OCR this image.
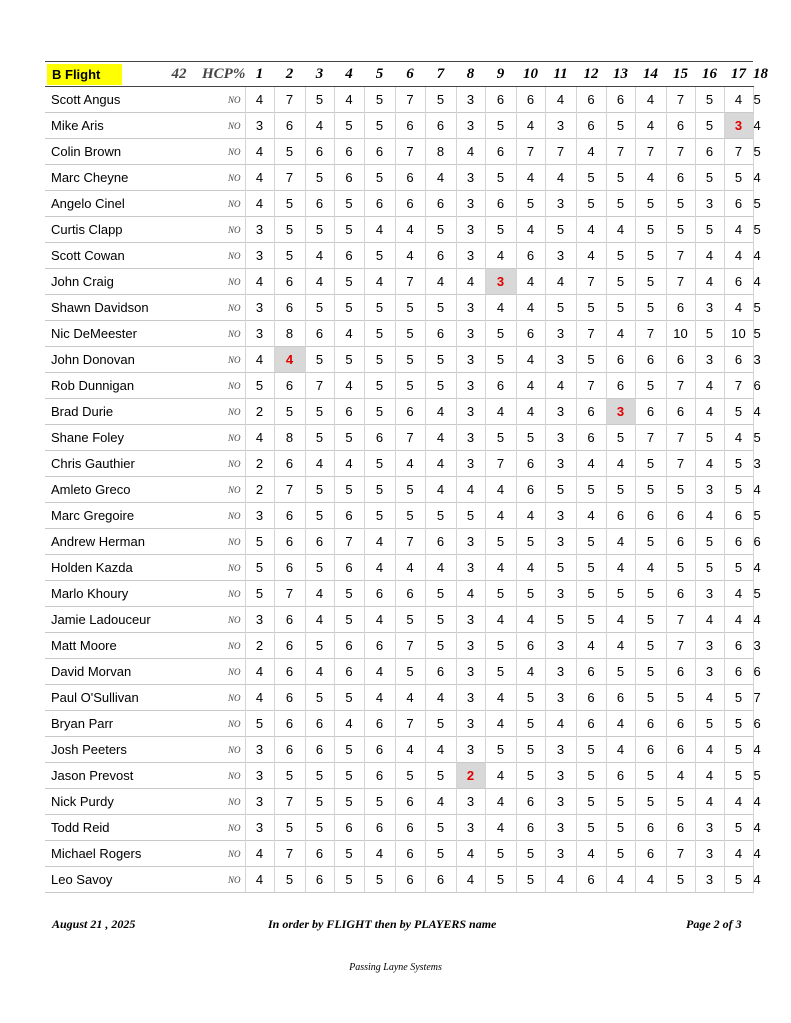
B Flight	42	HCP%	1	2	3	4	5	6	7	8	9	10	11	12	13	14	15	16	17	18
Scott Angus	NO		4	7	5	4	5	7	5	3	6	6	4	6	6	4	7	5	4	5
Mike Aris	NO		3	6	4	5	5	6	6	3	5	4	3	6	5	4	6	5	3	4
Colin Brown	NO		4	5	6	6	6	7	8	4	6	7	7	4	7	7	7	6	7	5
Marc Cheyne	NO		4	7	5	6	5	6	4	3	5	4	4	5	5	4	6	5	5	4
Angelo Cinel	NO		4	5	6	5	6	6	6	3	6	5	3	5	5	5	5	3	6	5
Curtis Clapp	NO		3	5	5	5	4	4	5	3	5	4	5	4	4	5	5	5	4	5
Scott Cowan	NO		3	5	4	6	5	4	6	3	4	6	3	4	5	5	7	4	4	4
John Craig	NO		4	6	4	5	4	7	4	4	3	4	4	7	5	5	7	4	6	4
Shawn Davidson	NO		3	6	5	5	5	5	5	3	4	4	5	5	5	5	6	3	4	5
Nic DeMeester	NO		3	8	6	4	5	5	6	3	5	6	3	7	4	7	10	5	10	5
John Donovan	NO		4	4	5	5	5	5	5	3	5	4	3	5	6	6	6	3	6	3
Rob Dunnigan	NO		5	6	7	4	5	5	5	3	6	4	4	7	6	5	7	4	7	6
Brad Durie	NO		2	5	5	6	5	6	4	3	4	4	3	6	3	6	6	4	5	4
Shane Foley	NO		4	8	5	5	6	7	4	3	5	5	3	6	5	7	7	5	4	5
Chris Gauthier	NO		2	6	4	4	5	4	4	3	7	6	3	4	4	5	7	4	5	3
Amleto Greco	NO		2	7	5	5	5	5	4	4	4	6	5	5	5	5	5	3	5	4
Marc Gregoire	NO		3	6	5	6	5	5	5	5	4	4	3	4	6	6	6	4	6	5
Andrew Herman	NO		5	6	6	7	4	7	6	3	5	5	3	5	4	5	6	5	6	6
Holden Kazda	NO		5	6	5	6	4	4	4	3	4	4	5	5	4	4	5	5	5	4
Marlo Khoury	NO		5	7	4	5	6	6	5	4	5	5	3	5	5	5	6	3	4	5
Jamie Ladouceur	NO		3	6	4	5	4	5	5	3	4	4	5	5	4	5	7	4	4	4
Matt Moore	NO		2	6	5	6	6	7	5	3	5	6	3	4	4	5	7	3	6	3
David Morvan	NO		4	6	4	6	4	5	6	3	5	4	3	6	5	5	6	3	6	6
Paul O'Sullivan	NO		4	6	5	5	4	4	4	3	4	5	3	6	6	5	5	4	5	7
Bryan Parr	NO		5	6	6	4	6	7	5	3	4	5	4	6	4	6	6	5	5	6
Josh Peeters	NO		3	6	6	5	6	4	4	3	5	5	3	5	4	6	6	4	5	4
Jason Prevost	NO		3	5	5	5	6	5	5	2	4	5	3	5	6	5	4	4	5	5
Nick Purdy	NO		3	7	5	5	5	6	4	3	4	6	3	5	5	5	5	4	4	4
Todd Reid	NO		3	5	5	6	6	6	5	3	4	6	3	5	5	6	6	3	5	4
Michael Rogers	NO		4	7	6	5	4	6	5	4	5	5	3	4	5	6	7	3	4	4
Leo Savoy	NO		4	5	6	5	5	6	6	4	5	5	4	6	4	4	5	3	5	4
August 21 , 2025	In order by FLIGHT then by PLAYERS name	Page 2 of 3
Passing Layne Systems
